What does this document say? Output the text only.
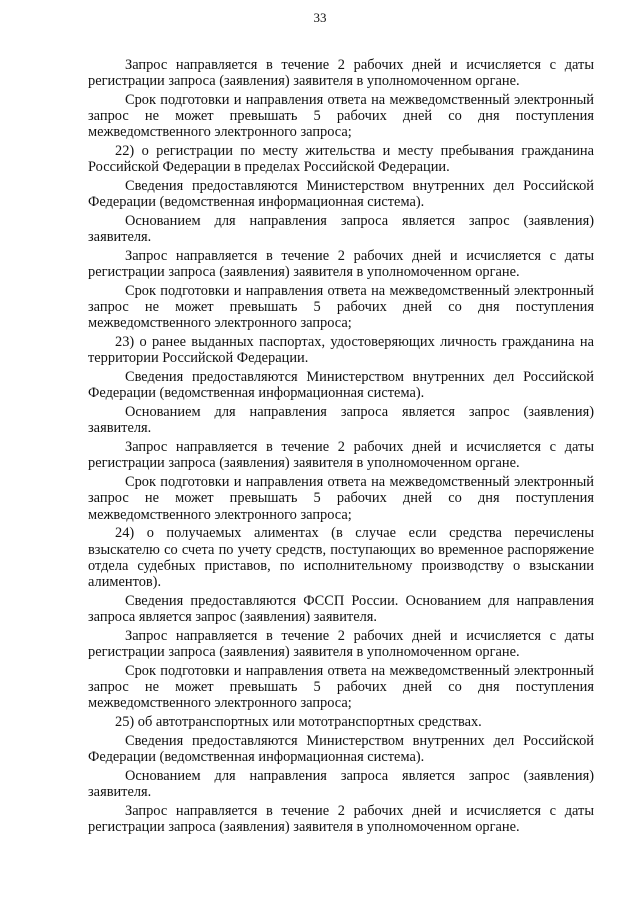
33

Запрос направляется в течение 2 рабочих дней и исчисляется с даты регистрации запроса (заявления) заявителя в уполномоченном органе.

Срок подготовки и направления ответа на межведомственный электронный запрос не может превышать 5 рабочих дней со дня поступления межведомственного электронного запроса;

22) о регистрации по месту жительства и месту пребывания гражданина Российской Федерации в пределах Российской Федерации.

Сведения предоставляются Министерством внутренних дел Российской Федерации (ведомственная информационная система).

Основанием для направления запроса является запрос (заявления) заявителя.

Запрос направляется в течение 2 рабочих дней и исчисляется с даты регистрации запроса (заявления) заявителя в уполномоченном органе.

Срок подготовки и направления ответа на межведомственный электронный запрос не может превышать 5 рабочих дней со дня поступления межведомственного электронного запроса;

23) о ранее выданных паспортах, удостоверяющих личность гражданина на территории Российской Федерации.

Сведения предоставляются Министерством внутренних дел Российской Федерации (ведомственная информационная система).

Основанием для направления запроса является запрос (заявления) заявителя.

Запрос направляется в течение 2 рабочих дней и исчисляется с даты регистрации запроса (заявления) заявителя в уполномоченном органе.

Срок подготовки и направления ответа на межведомственный электронный запрос не может превышать 5 рабочих дней со дня поступления межведомственного электронного запроса;

24) о получаемых алиментах (в случае если средства перечислены взыскателю со счета по учету средств, поступающих во временное распоряжение отдела судебных приставов, по исполнительному производству о взыскании алиментов).

Сведения предоставляются ФССП России. Основанием для направления запроса является запрос (заявления) заявителя.

Запрос направляется в течение 2 рабочих дней и исчисляется с даты регистрации запроса (заявления) заявителя в уполномоченном органе.

Срок подготовки и направления ответа на межведомственный электронный запрос не может превышать 5 рабочих дней со дня поступления межведомственного электронного запроса;

25) об автотранспортных или мототранспортных средствах.

Сведения предоставляются Министерством внутренних дел Российской Федерации (ведомственная информационная система).

Основанием для направления запроса является запрос (заявления) заявителя.

Запрос направляется в течение 2 рабочих дней и исчисляется с даты регистрации запроса (заявления) заявителя в уполномоченном органе.
